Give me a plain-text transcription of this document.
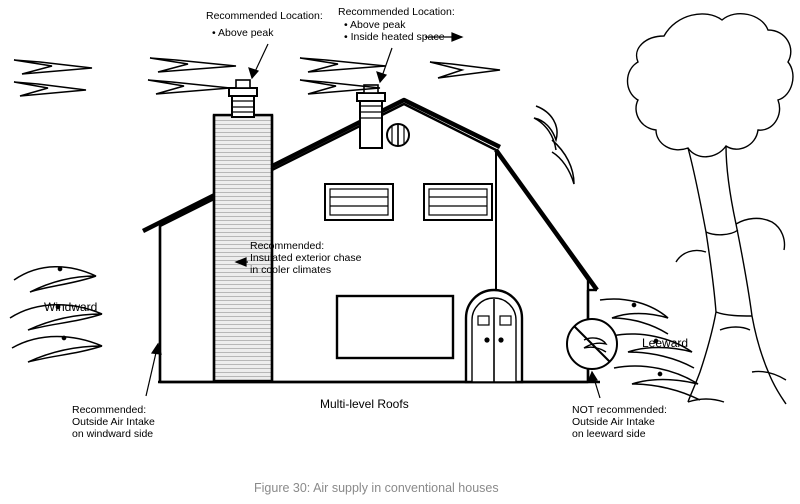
Recommended Location:
• Above peak
Recommended Location:
• Above peak
• Inside heated space
Recommended:
Insulated exterior chase
in cooler climates
Windward
Leeward
Multi-level Roofs
Recommended:
Outside Air Intake
on windward side
NOT recommended:
Outside Air Intake
on leeward side
Figure 30: Air supply in conventional houses
